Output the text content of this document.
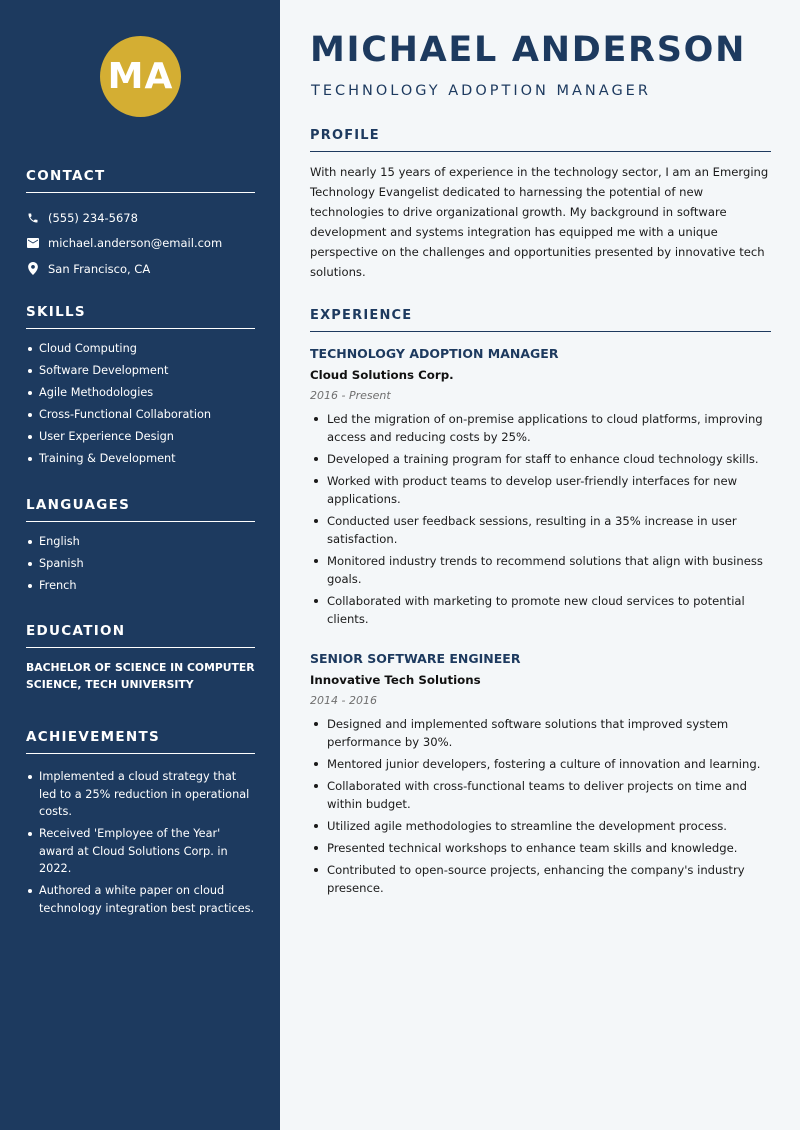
MA
CONTACT
(555) 234-5678
michael.anderson@email.com
San Francisco, CA
SKILLS
Cloud Computing
Software Development
Agile Methodologies
Cross-Functional Collaboration
User Experience Design
Training & Development
LANGUAGES
English
Spanish
French
EDUCATION

BACHELOR OF SCIENCE IN COMPUTER SCIENCE, TECH UNIVERSITY

ACHIEVEMENTS
Implemented a cloud strategy that led to a 25% reduction in operational costs.
Received 'Employee of the Year' award at Cloud Solutions Corp. in 2022.
Authored a white paper on cloud technology integration best practices.
MICHAEL ANDERSON
TECHNOLOGY ADOPTION MANAGER
PROFILE

With nearly 15 years of experience in the technology sector, I am an Emerging Technology Evangelist dedicated to harnessing the potential of new technologies to drive organizational growth. My background in software development and systems integration has equipped me with a unique perspective on the challenges and opportunities presented by innovative tech solutions.

EXPERIENCE
TECHNOLOGY ADOPTION MANAGER
Cloud Solutions Corp.
2016 - Present
Led the migration of on-premise applications to cloud platforms, improving access and reducing costs by 25%.
Developed a training program for staff to enhance cloud technology skills.
Worked with product teams to develop user-friendly interfaces for new applications.
Conducted user feedback sessions, resulting in a 35% increase in user satisfaction.
Monitored industry trends to recommend solutions that align with business goals.
Collaborated with marketing to promote new cloud services to potential clients.
SENIOR SOFTWARE ENGINEER
Innovative Tech Solutions
2014 - 2016
Designed and implemented software solutions that improved system performance by 30%.
Mentored junior developers, fostering a culture of innovation and learning.
Collaborated with cross-functional teams to deliver projects on time and within budget.
Utilized agile methodologies to streamline the development process.
Presented technical workshops to enhance team skills and knowledge.
Contributed to open-source projects, enhancing the company's industry presence.
